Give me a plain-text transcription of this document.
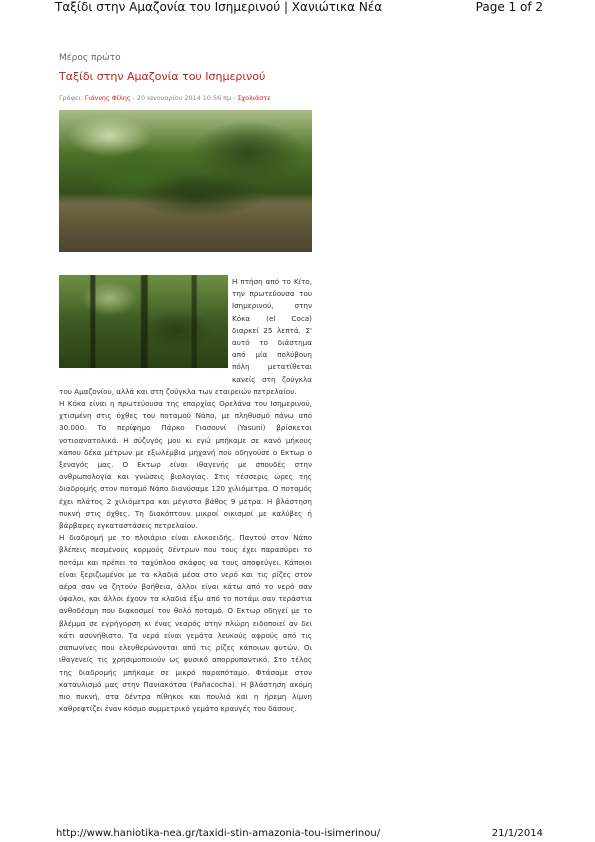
Ταξίδι στην Αμαζονία του Ισημερινού | Χανιώτικα Νέα	Page 1 of 2
Μέρος πρώτο
Ταξίδι στην Αμαζονία του Ισημερινού
Γράφει: Γιάννης Φίλης - 20 Ιανουαρίου 2014 10:56 πμ - Σχολιάστε

Η πτήση από το Κίτο, την πρωτεύουσα του Ισημερινού, στην Κόκα (el Coca) διαρκεί 25 λεπτά. Σ' αυτό το διάστημα από μία πολύβουη πόλη μετατίθεται κανείς στη ζούγκλα του Αμαζονίου, αλλά και στη ζούγκλα των εταιρειών πετρελαίου.

Η Κόκα είναι η πρωτεύουσα της επαρχίας Ορελάνα του Ισημερινού, χτισμένη στις όχθες του ποταμού Νάπο, με πληθυσμό πάνω από 30.000. Το περίφημο Πάρκο Γιασουνί (Yasuni) βρίσκεται νοτιοανατολικά. Η σύζυγός μου κι εγώ μπήκαμε σε κανό μήκους κάπου δέκα μέτρων με εξωλέμβια μηχανή που οδηγούσε ο Εκτωρ ο ξεναγός μας. Ο Εκτωρ είναι ιθαγενής με σπουδές στην ανθρωπολογία και γνώσεις βιολογίας. Στις τέσσερις ώρες της διαδρομής στον ποταμό Νάπο διανύσαμε 120 χιλιόμετρα. Ο ποταμός έχει πλάτος 2 χιλιόμετρα και μέγιστο βάθος 9 μέτρα. Η βλάστηση πυκνή στις όχθες. Τη διακόπτουν μικροί οικισμοί με καλύβες ή βάρβαρες εγκαταστάσεις πετρελαίου.

Η διαδρομή με το πλοιάριο είναι ελικοειδής. Παντού στον Νάπο βλέπεις πεσμένους κορμούς δέντρων που τους έχει παρασύρει το ποτάμι και πρέπει το ταχύπλοο σκάφος να τους αποφεύγει. Κάποιοι είναι ξεριζωμένοι με τα κλαδιά μέσα στο νερό και τις ρίζες στον αέρα σαν να ζητούν βοήθεια, άλλοι είναι κάτω από το νερό σαν ύφαλοι, και άλλοι έχουν τα κλαδιά έξω από το ποτάμι σαν τεράστια ανθοδέσμη που διακοσμεί τον θολό ποταμό. Ο Εκτωρ οδηγεί με το βλέμμα σε εγρήγορση κι ένας νεαρός στην πλώρη ειδοποιεί αν δει κάτι ασυνήθιστο. Τα νερά είναι γεμάτα λευκούς αφρούς από τις σαπωνίνες που ελευθερώνονται από τις ρίζες κάποιων φυτών. Οι ιθαγενείς τις χρησιμοποιούν ως φυσικό απορρυπαντικό. Στο τέλος της διαδρομής μπήκαμε σε μικρό παραπόταμο. Φτάσαμε στον καταυλισμό μας στην Πανιακότσα (Pañacocha). Η βλάστηση ακόμη πιο πυκνή, στα δέντρα πίθηκοι και πουλιά και η ήρεμη λίμνη καθρεφτίζει έναν κόσμο συμμετρικό γεμάτο κραυγές του δάσους.

http://www.haniotika-nea.gr/taxidi-stin-amazonia-tou-isimerinou/	21/1/2014
